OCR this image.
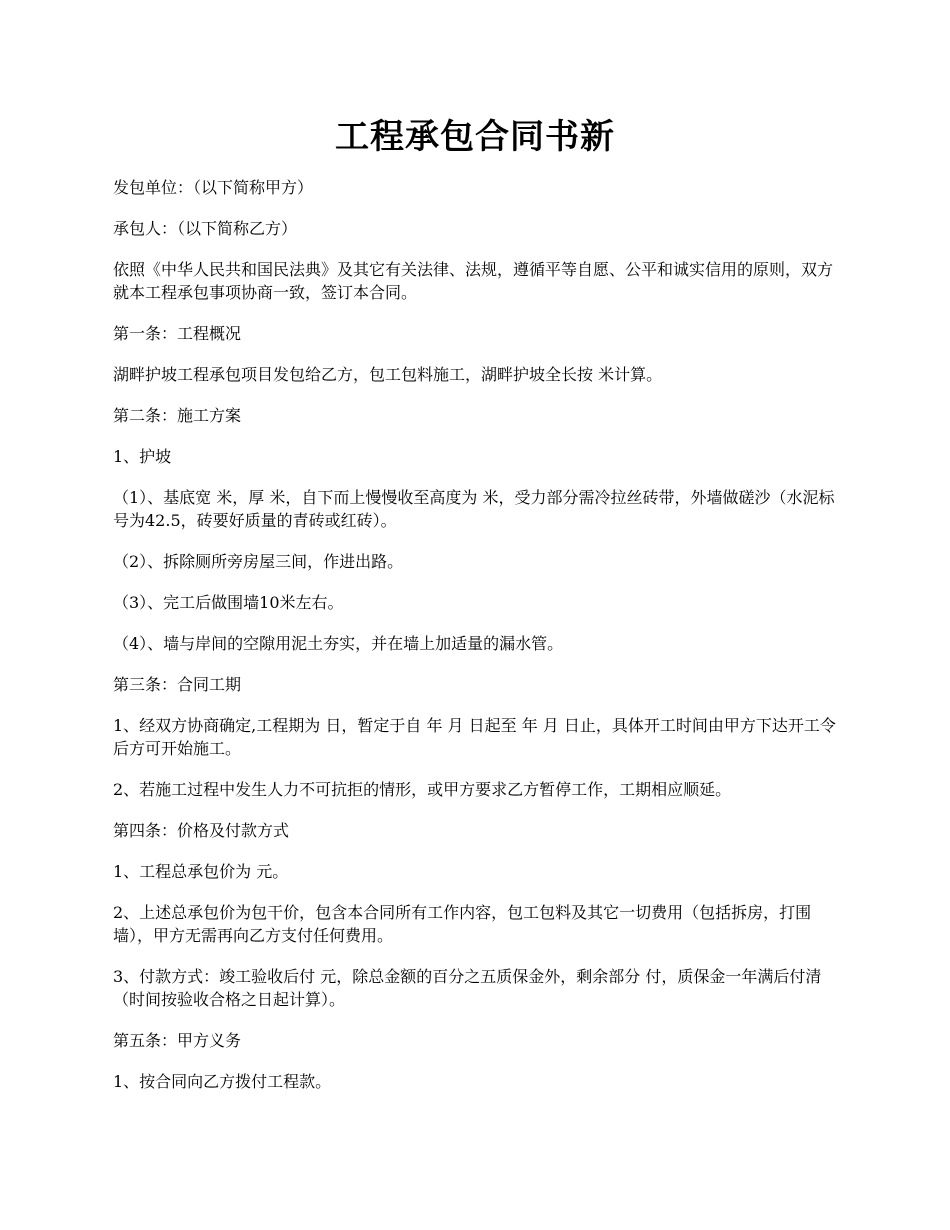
工程承包合同书新

发包单位：（以下简称甲方）

承包人：（以下简称乙方）

依照《中华人民共和国民法典》及其它有关法律、法规，遵循平等自愿、公平和诚实信用的原则，双方就本工程承包事项协商一致，签订本合同。

第一条：工程概况

湖畔护坡工程承包项目发包给乙方，包工包料施工，湖畔护坡全长按 米计算。

第二条：施工方案

1、护坡

（1）、基底宽 米，厚 米，自下而上慢慢收至高度为 米，受力部分需冷拉丝砖带，外墙做磋沙（水泥标号为42.5，砖要好质量的青砖或红砖）。

（2）、拆除厕所旁房屋三间，作进出路。

（3）、完工后做围墙10米左右。

（4）、墙与岸间的空隙用泥土夯实，并在墙上加适量的漏水管。

第三条：合同工期

1、经双方协商确定,工程期为 日，暂定于自 年 月 日起至 年 月 日止，具体开工时间由甲方下达开工令后方可开始施工。

2、若施工过程中发生人力不可抗拒的情形，或甲方要求乙方暂停工作，工期相应顺延。

第四条：价格及付款方式

1、工程总承包价为 元。

2、上述总承包价为包干价，包含本合同所有工作内容，包工包料及其它一切费用（包括拆房，打围墙），甲方无需再向乙方支付任何费用。

3、付款方式：竣工验收后付 元，除总金额的百分之五质保金外，剩余部分 付，质保金一年满后付清（时间按验收合格之日起计算）。

第五条：甲方义务

1、按合同向乙方拨付工程款。
